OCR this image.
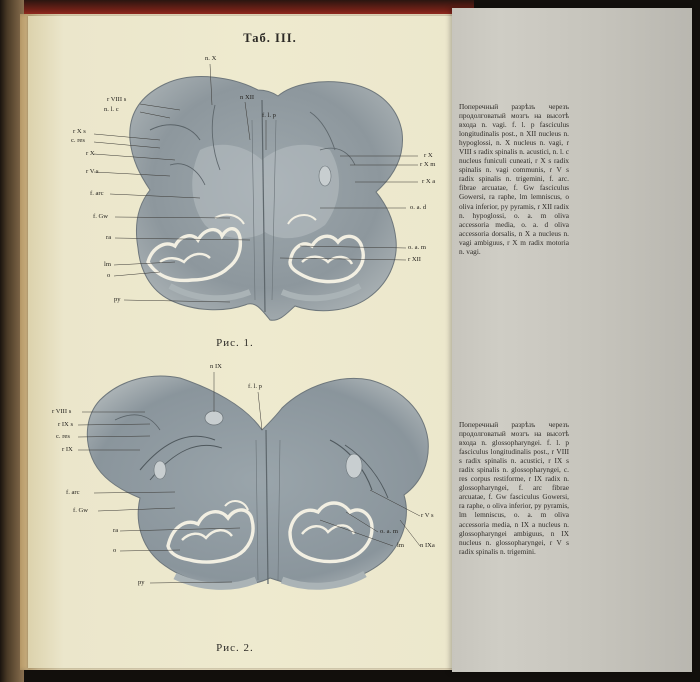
Таб. III.
n. X
n XII
f. l. p
r VIII s
n. l. c
r X s
c. res
r X
r V s
f. arc
f. Gw
ra
lm
o
py
r X
r X m
r X a
o. a. d
o. a. m
r XII
Рис. 1.
n IX
f. l. p
r VIII s
r IX s
c. res
r IX
f. arc
f. Gw
ra
o
py
r V s
o. a. m
lm n IXa
Рис. 2.
Поперечный разрѣзъ черезъ продолговатый мозгъ на высотѣ входа n. vagi. f. l. p fasciculus longitudinalis post., n XII nucleus n. hypoglossi, n. X nucleus n. vagi, r VIII s radix spinalis n. acustici, n. l. c nucleus funiculi cuneati, r X s radix spinalis n. vagi communis, r V s radix spinalis n. trigemini, f. arc. fibrae arcuatae, f. Gw fasciculus Gowersi, ra raphe, lm lemniscus, o oliva inferior, py pyramis, r XII radix n. hypoglossi, o. a. m oliva accessoria media, o. a. d oliva accessoria dorsalis, n X a nucleus n. vagi ambiguus, r X m radix motoria n. vagi.
Поперечный разрѣзъ черезъ продолговатый мозгъ на высотѣ входа n. glossopharyngei. f. l. p fasciculus longitudinalis post., r VIII s radix spinalis n. acustici, r IX s radix spinalis n. glossopharyngei, c. res corpus restiforme, r IX radix n. glossopharyngei, f. arc fibrae arcuatae, f. Gw fasciculus Gowersi, ra raphe, o oliva inferior, py pyramis, lm lemniscus, o. a. m oliva accessoria media, n IX a nucleus n. glossopharyngei ambiguus, n IX nucleus n. glossopharyngei, r V s radix spinalis n. trigemini.
